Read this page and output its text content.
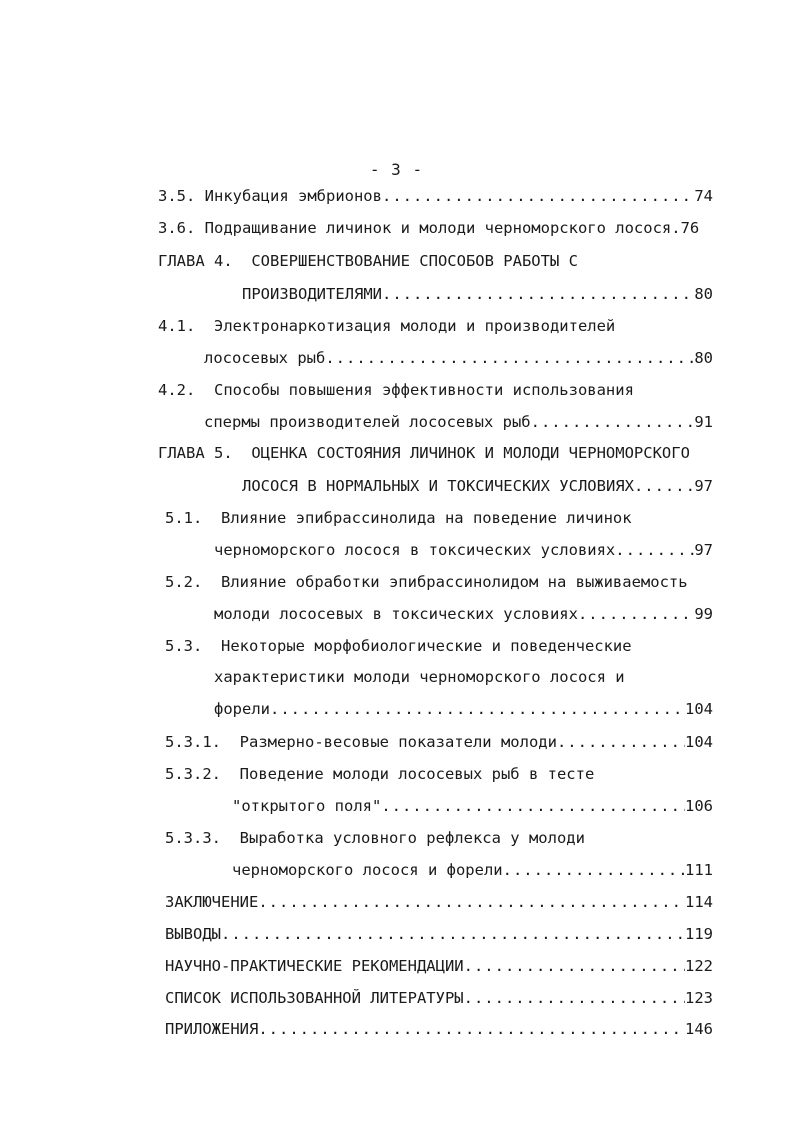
- 3 -
3.5. Инкубация эмбрионов .....	74
3.6. Подращивание личинок и молоди черноморского лосося.76
ГЛАВА 4. СОВЕРШЕНСТВОВАНИЕ СПОСОБОВ РАБОТЫ С
ПРОИЗВОДИТЕЛЯМИ .....	80
4.1. Электронаркотизация молоди и производителей
лососевых рыб .....	80
4.2. Способы повышения эффективности использования
спермы производителей лососевых рыб .....	91
ГЛАВА 5. ОЦЕНКА СОСТОЯНИЯ ЛИЧИНОК И МОЛОДИ ЧЕРНОМОРСКОГО
ЛОСОСЯ В НОРМАЛЬНЫХ И ТОКСИЧЕСКИХ УСЛОВИЯХ .....	97
5.1. Влияние эпибрассинолида на поведение личинок
черноморского лосося в токсических условиях .....	97
5.2. Влияние обработки эпибрассинолидом на выживаемость
молоди лососевых в токсических условиях .....	99
5.3. Некоторые морфобиологические и поведенческие
характеристики молоди черноморского лосося и
форели .....	104
5.3.1. Размерно-весовые показатели молоди .....	104
5.3.2. Поведение молоди лососевых рыб в тесте
"открытого поля" .....	106
5.3.3. Выработка условного рефлекса у молоди
черноморского лосося и форели .....	111
ЗАКЛЮЧЕНИЕ .....	114
ВЫВОДЫ .....	119
НАУЧНО-ПРАКТИЧЕСКИЕ РЕКОМЕНДАЦИИ .....	122
СПИСОК ИСПОЛЬЗОВАННОЙ ЛИТЕРАТУРЫ .....	123
ПРИЛОЖЕНИЯ .....	146
